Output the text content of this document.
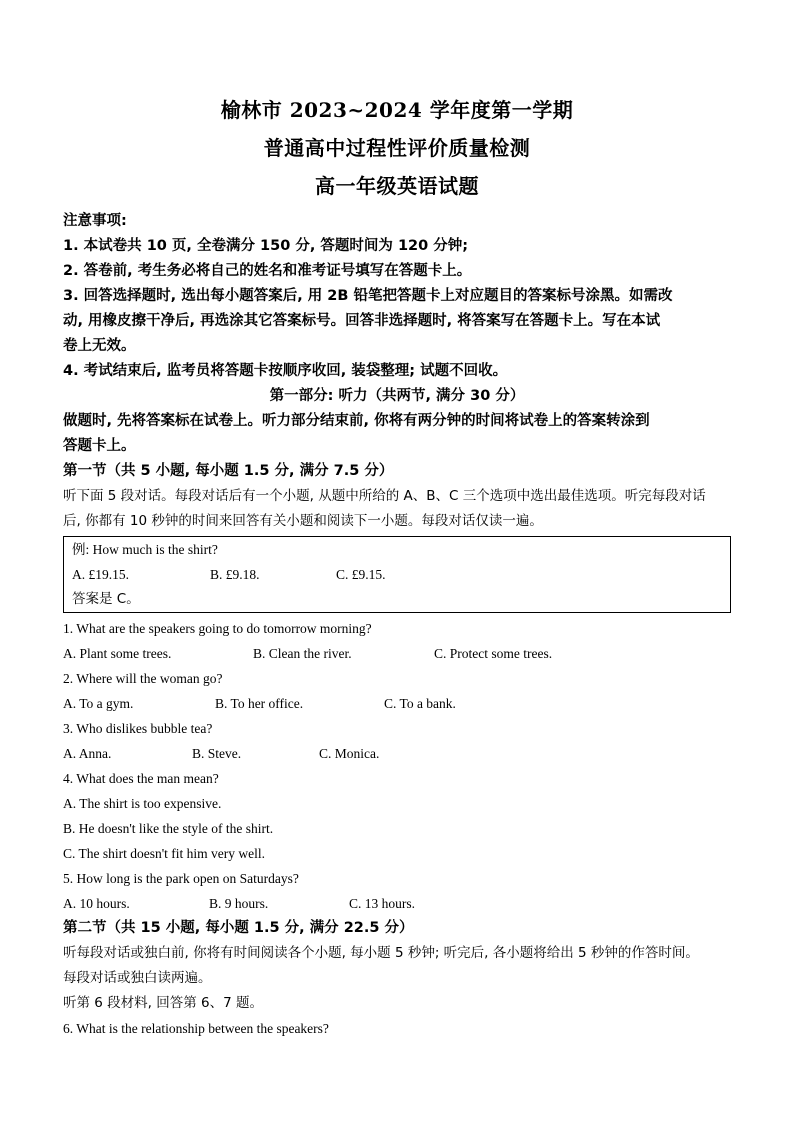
榆林市 2023~2024 学年度第一学期
普通高中过程性评价质量检测
高一年级英语试题
注意事项:
1. 本试卷共 10 页, 全卷满分 150 分, 答题时间为 120 分钟;
2. 答卷前, 考生务必将自己的姓名和准考证号填写在答题卡上。
3. 回答选择题时, 选出每小题答案后, 用 2B 铅笔把答题卡上对应题目的答案标号涂黑。如需改
动, 用橡皮擦干净后, 再选涂其它答案标号。回答非选择题时, 将答案写在答题卡上。写在本试
卷上无效。
4. 考试结束后, 监考员将答题卡按顺序收回, 装袋整理; 试题不回收。
第一部分: 听力（共两节, 满分 30 分）
做题时, 先将答案标在试卷上。听力部分结束前, 你将有两分钟的时间将试卷上的答案转涂到
答题卡上。
第一节（共 5 小题, 每小题 1.5 分, 满分 7.5 分）
听下面 5 段对话。每段对话后有一个小题, 从题中所给的 A、B、C 三个选项中选出最佳选项。听完每段对话
后, 你都有 10 秒钟的时间来回答有关小题和阅读下一小题。每段对话仅读一遍。
例: How much is the shirt?
A. £19.15.	B. £9.18.	C. £9.15.
答案是 C。
1. What are the speakers going to do tomorrow morning?
A. Plant some trees.	B. Clean the river.	C. Protect some trees.
2. Where will the woman go?
A. To a gym.	B. To her office.	C. To a bank.
3. Who dislikes bubble tea?
A. Anna.	B. Steve.	C. Monica.
4. What does the man mean?
A. The shirt is too expensive.
B. He doesn't like the style of the shirt.
C. The shirt doesn't fit him very well.
5. How long is the park open on Saturdays?
A. 10 hours.	B. 9 hours.	C. 13 hours.
第二节（共 15 小题, 每小题 1.5 分, 满分 22.5 分）
听每段对话或独白前, 你将有时间阅读各个小题, 每小题 5 秒钟; 听完后, 各小题将给出 5 秒钟的作答时间。
每段对话或独白读两遍。
听第 6 段材料, 回答第 6、7 题。
6. What is the relationship between the speakers?
